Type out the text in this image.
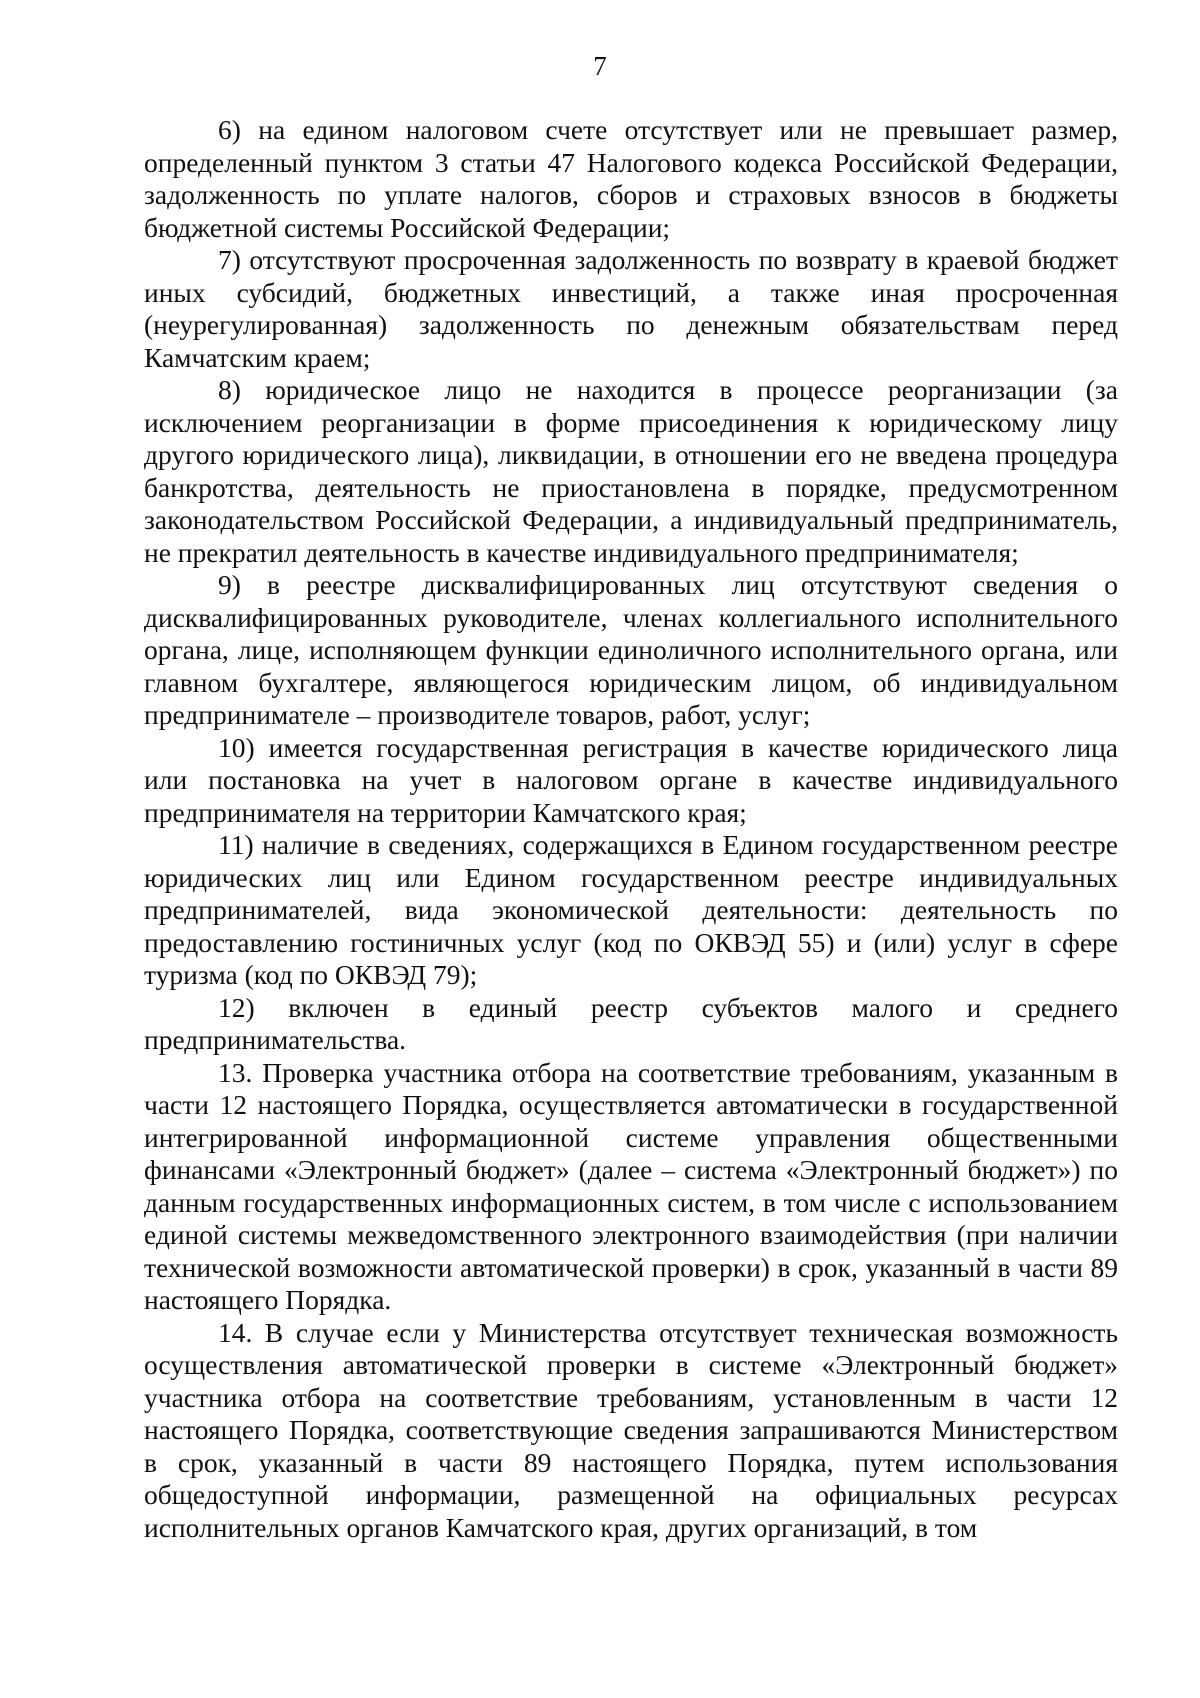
7

6) на едином налоговом счете отсутствует или не превышает размер, определенный пунктом 3 статьи 47 Налогового кодекса Российской Федерации, задолженность по уплате налогов, сборов и страховых взносов в бюджеты бюджетной системы Российской Федерации;

7) отсутствуют просроченная задолженность по возврату в краевой бюджет иных субсидий, бюджетных инвестиций, а также иная просроченная (неурегулированная) задолженность по денежным обязательствам перед Камчатским краем;

8) юридическое лицо не находится в процессе реорганизации (за исключением реорганизации в форме присоединения к юридическому лицу другого юридического лица), ликвидации, в отношении его не введена процедура банкротства, деятельность не приостановлена в порядке, предусмотренном законодательством Российской Федерации, а индивидуальный предприниматель, не прекратил деятельность в качестве индивидуального предпринимателя;

9) в реестре дисквалифицированных лиц отсутствуют сведения о дисквалифицированных руководителе, членах коллегиального исполнительного органа, лице, исполняющем функции единоличного исполнительного органа, или главном бухгалтере, являющегося юридическим лицом, об индивидуальном предпринимателе – производителе товаров, работ, услуг;

10) имеется государственная регистрация в качестве юридического лица или постановка на учет в налоговом органе в качестве индивидуального предпринимателя на территории Камчатского края;

11) наличие в сведениях, содержащихся в Едином государственном реестре юридических лиц или Едином государственном реестре индивидуальных предпринимателей, вида экономической деятельности: деятельность по предоставлению гостиничных услуг (код по ОКВЭД 55) и (или) услуг в сфере туризма (код по ОКВЭД 79);

12) включен в единый реестр субъектов малого и среднего предпринимательства.

13. Проверка участника отбора на соответствие требованиям, указанным в части 12 настоящего Порядка, осуществляется автоматически в государственной интегрированной информационной системе управления общественными финансами «Электронный бюджет» (далее – система «Электронный бюджет») по данным государственных информационных систем, в том числе с использованием единой системы межведомственного электронного взаимодействия (при наличии технической возможности автоматической проверки) в срок, указанный в части 89 настоящего Порядка.

14. В случае если у Министерства отсутствует техническая возможность осуществления автоматической проверки в системе «Электронный бюджет» участника отбора на соответствие требованиям, установленным в части 12 настоящего Порядка, соответствующие сведения запрашиваются Министерством в срок, указанный в части 89 настоящего Порядка, путем использования общедоступной информации, размещенной на официальных ресурсах исполнительных органов Камчатского края, других организаций, в том
